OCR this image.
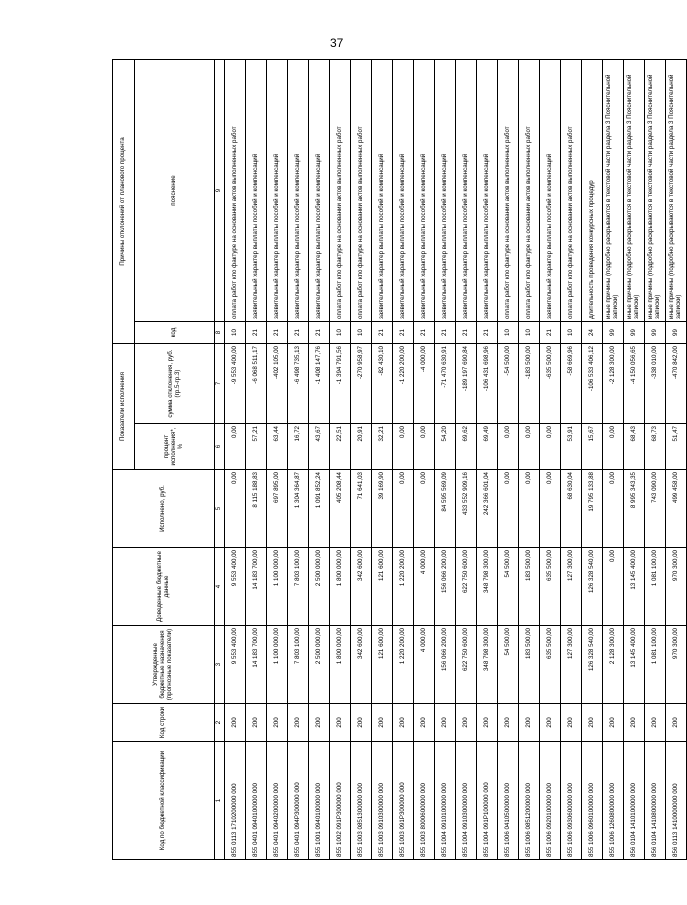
37
Код по бюджетной классификации	Код строки	Утвержденные бюджетные назначения (прогнозные показатели)	Доведенные бюджетные данные	Исполнено, руб.	Показатели исполнения		Причины отклонений от планового процента	
					процент исполнения*, %	сумма отклонения, руб. (гр.5-гр.3)	код	пояснение

1	2	3	4	5	6	7	8	9
855 0113 1710200000 000	200	9 553 400,00	9 553 400,00	0,00	0,00	-9 553 400,00	10	оплата работ кпо фактуре на основании актов выполненных работ
855 0401 0940100000 000	200	14 183 700,00	14 183 700,00	8 115 188,83	57,21	-6 068 511,17	21	заявительный характер выплаты пособий и компенсаций
855 0401 0940200000 000	200	1 100 000,00	1 100 000,00	697 895,00	63,44	-402 105,00	21	заявительный характер выплаты пособий и компенсаций
855 0401 094P300000 000	200	7 803 100,00	7 803 100,00	1 304 364,87	16,72	-6 498 735,13	21	заявительный характер выплаты пособий и компенсаций
855 1001 0940100000 000	200	2 500 000,00	2 500 000,00	1 091 852,24	43,67	-1 408 147,76	21	заявительный характер выплаты пособий и компенсаций
855 1002 091P300000 000	200	1 800 000,00	1 800 000,00	405 208,44	22,51	-1 394 791,56	10	оплата работ кпо фактуре на основании актов выполненных работ
855 1003 0851300000 000	200	342 600,00	342 600,00	71 641,03	20,91	-270 958,97	10	оплата работ кпо фактуре на основании актов выполненных работ
855 1003 0910300000 000	200	121 600,00	121 600,00	39 169,90	32,21	-82 430,10	21	заявительный характер выплаты пособий и компенсаций
855 1003 091P300000 000	200	1 220 200,00	1 220 200,00	0,00	0,00	-1 220 200,00	21	заявительный характер выплаты пособий и компенсаций
855 1003 8000600000 000	200	4 000,00	4 000,00	0,00	0,00	-4 000,00	21	заявительный характер выплаты пособий и компенсаций
855 1004 0910100000 000	200	156 066 200,00	156 066 200,00	84 595 569,09	54,20	-71 470 630,91	21	заявительный характер выплаты пособий и компенсаций
855 1004 0910300000 000	200	622 750 600,00	622 750 600,00	433 552 909,16	69,62	-189 197 690,84	21	заявительный характер выплаты пособий и компенсаций
855 1004 091P100000 000	200	348 798 300,00	348 798 300,00	242 366 601,04	69,49	-106 431 698,96	21	заявительный характер выплаты пособий и компенсаций
855 1006 0410500000 000	200	54 500,00	54 500,00	0,00	0,00	-54 500,00	10	оплата работ кпо фактуре на основании актов выполненных работ
855 1006 0851200000 000	200	183 500,00	183 500,00	0,00	0,00	-183 500,00	10	оплата работ кпо фактуре на основании актов выполненных работ
855 1006 0920100000 000	200	635 500,00	635 500,00	0,00	0,00	-635 500,00	21	заявительный характер выплаты пособий и компенсаций
855 1006 0930600000 000	200	127 300,00	127 300,00	68 630,04	53,91	-58 669,96	10	оплата работ кпо фактуре на основании актов выполненных работ
855 1006 0960100000 000	200	126 328 540,00	126 328 540,00	19 795 133,88	15,67	-106 533 406,12	24	длительность проведения конкурсных процедур
855 1006 1260800000 000	200	2 128 300,00	0,00	0,00	0,00	-2 128 300,00	99	иные причины (подробно раскрываются в текстовой части раздела 3 Пояснительной записки)
856 0104 1410100000 000	200	13 145 400,00	13 145 400,00	8 995 343,35	68,43	-4 150 056,65	99	иные причины (подробно раскрываются в текстовой части раздела 3 Пояснительной записки)
856 0104 1410800000 000	200	1 081 100,00	1 081 100,00	743 090,00	68,73	-338 010,00	99	иные причины (подробно раскрываются в текстовой части раздела 3 Пояснительной записки)
856 0113 1410000000 000	200	970 300,00	970 300,00	499 458,00	51,47	-470 842,00	99	иные причины (подробно раскрываются в текстовой части раздела 3 Пояснительной записки)
